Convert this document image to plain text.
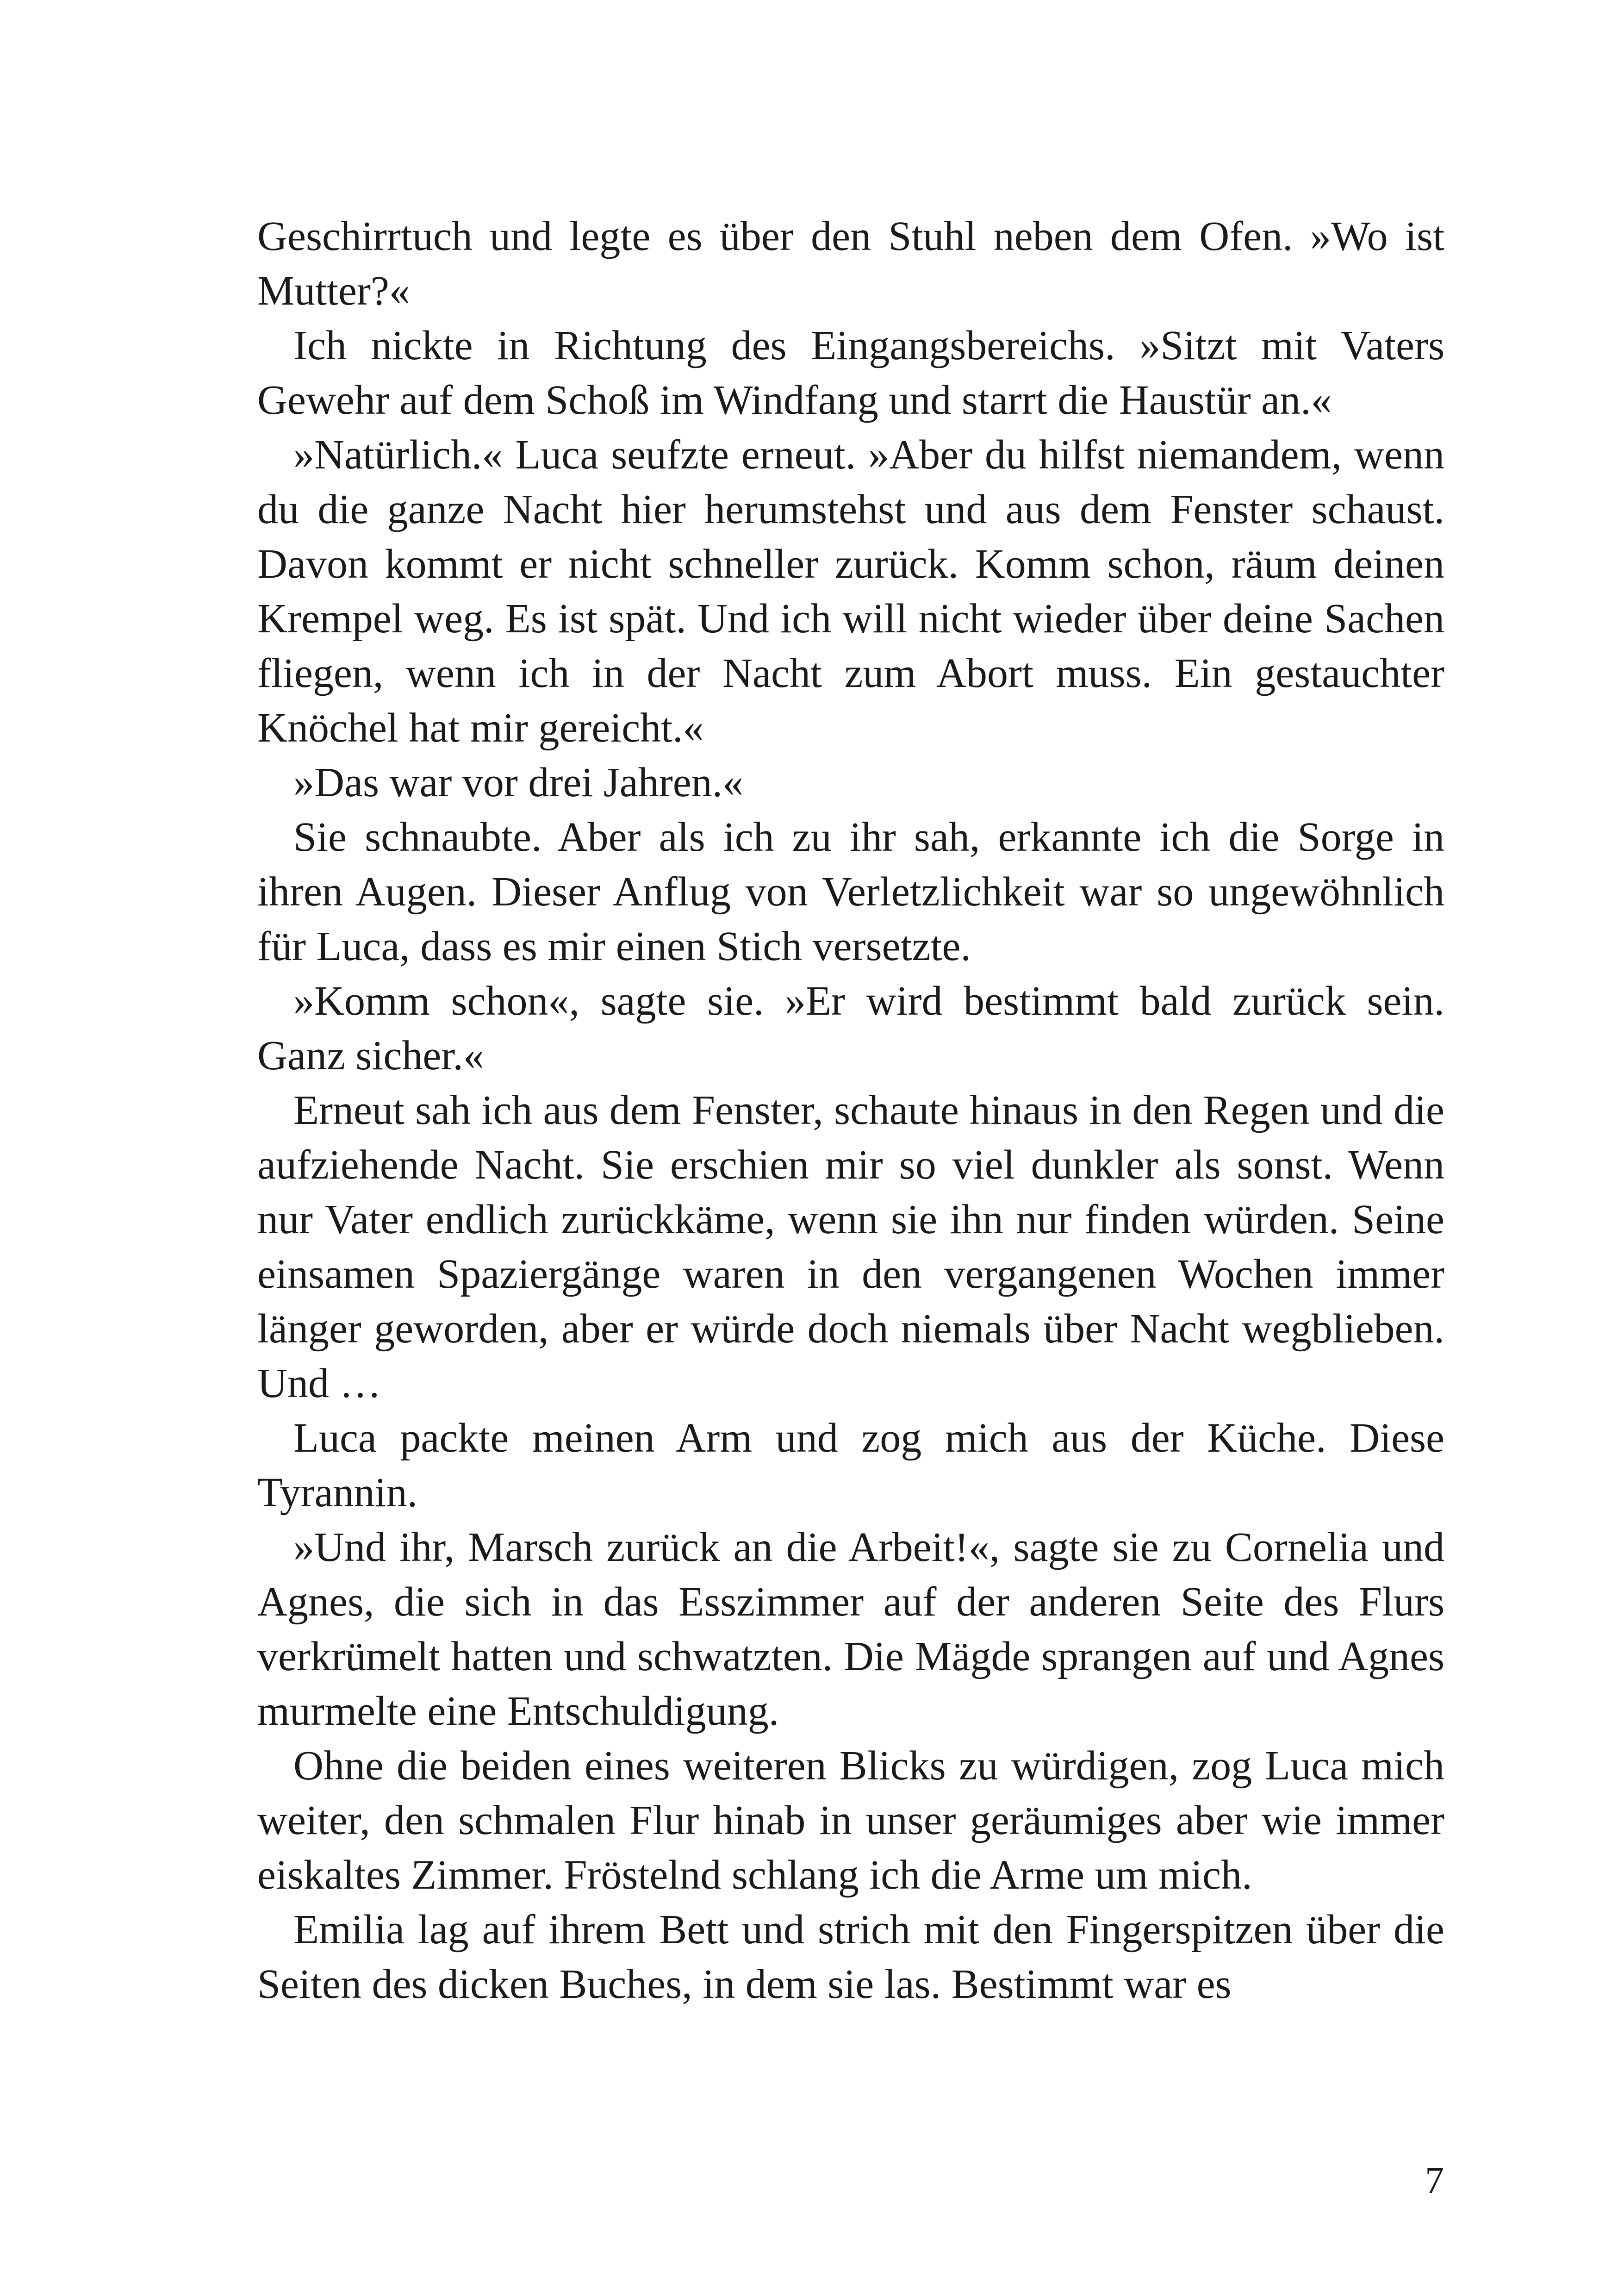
Geschirrtuch und legte es über den Stuhl neben dem Ofen. »Wo ist Mutter?«

Ich nickte in Richtung des Eingangsbereichs. »Sitzt mit Vaters Gewehr auf dem Schoß im Windfang und starrt die Haustür an.«

»Natürlich.« Luca seufzte erneut. »Aber du hilfst niemandem, wenn du die ganze Nacht hier herumstehst und aus dem Fenster schaust. Davon kommt er nicht schneller zurück. Komm schon, räum deinen Krempel weg. Es ist spät. Und ich will nicht wieder über deine Sachen fliegen, wenn ich in der Nacht zum Abort muss. Ein gestauchter Knöchel hat mir gereicht.«

»Das war vor drei Jahren.«

Sie schnaubte. Aber als ich zu ihr sah, erkannte ich die Sorge in ihren Augen. Dieser Anflug von Verletzlichkeit war so ungewöhnlich für Luca, dass es mir einen Stich versetzte.

»Komm schon«, sagte sie. »Er wird bestimmt bald zurück sein. Ganz sicher.«

Erneut sah ich aus dem Fenster, schaute hinaus in den Regen und die aufziehende Nacht. Sie erschien mir so viel dunkler als sonst. Wenn nur Vater endlich zurückkäme, wenn sie ihn nur finden würden. Seine einsamen Spaziergänge waren in den vergangenen Wochen immer länger geworden, aber er würde doch niemals über Nacht wegblieben. Und …

Luca packte meinen Arm und zog mich aus der Küche. Diese Tyrannin.

»Und ihr, Marsch zurück an die Arbeit!«, sagte sie zu Cornelia und Agnes, die sich in das Esszimmer auf der anderen Seite des Flurs verkrümelt hatten und schwatzten. Die Mägde sprangen auf und Agnes murmelte eine Entschuldigung.

Ohne die beiden eines weiteren Blicks zu würdigen, zog Luca mich weiter, den schmalen Flur hinab in unser geräumiges aber wie immer eiskaltes Zimmer. Fröstelnd schlang ich die Arme um mich.

Emilia lag auf ihrem Bett und strich mit den Fingerspitzen über die Seiten des dicken Buches, in dem sie las. Bestimmt war es

7
